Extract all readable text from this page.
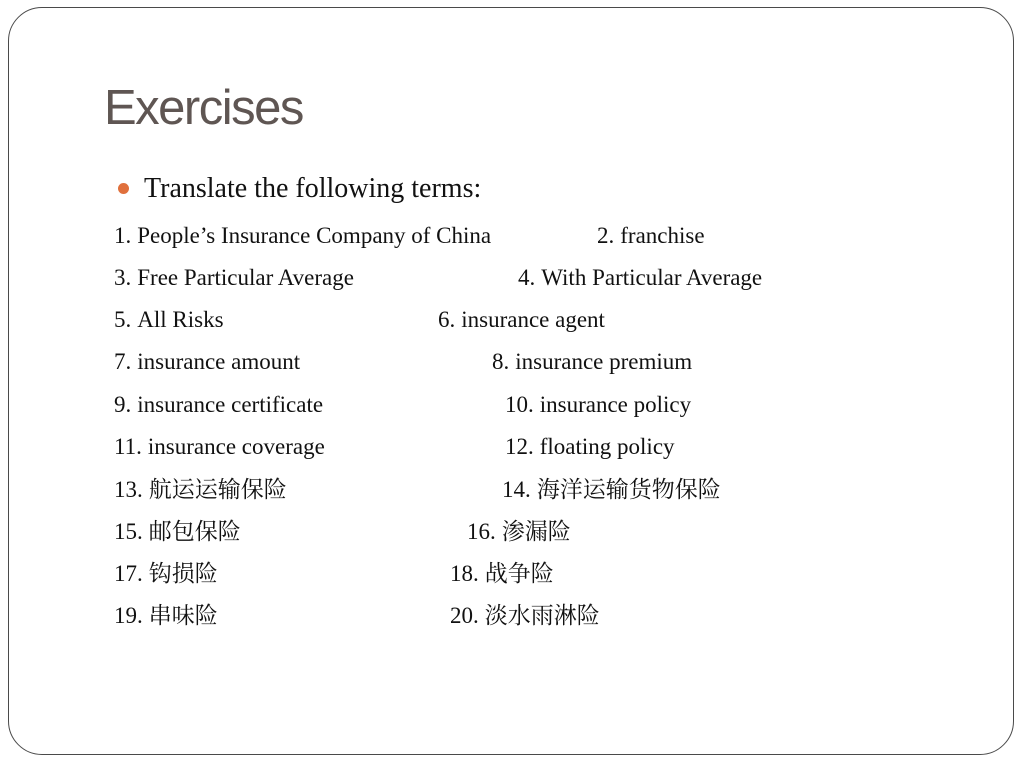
Exercises
Translate the following terms:
1. People’s Insurance Company of China	2. franchise
3. Free Particular Average	4. With Particular Average
5. All Risks	6. insurance agent
7. insurance amount	8. insurance premium
9. insurance certificate	10. insurance policy
11. insurance coverage	12. floating policy
13. 航运运输保险	14. 海洋运输货物保险
15. 邮包保险	16. 渗漏险
17. 钩损险	18. 战争险
19. 串味险	20. 淡水雨淋险
